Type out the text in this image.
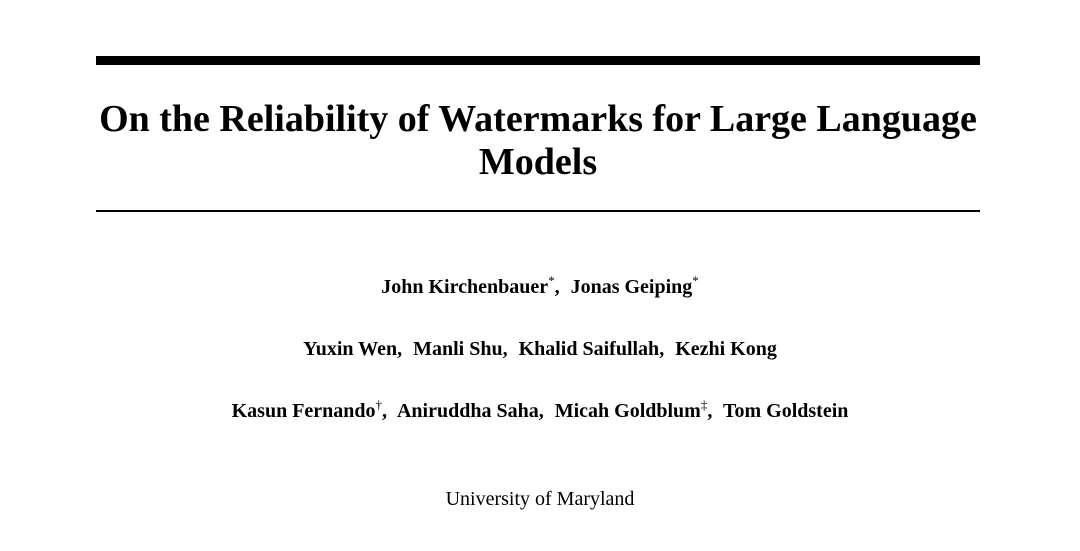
On the Reliability of Watermarks for Large Language
Models
John Kirchenbauer*, Jonas Geiping*
Yuxin Wen, Manli Shu, Khalid Saifullah, Kezhi Kong
Kasun Fernando†, Aniruddha Saha, Micah Goldblum‡, Tom Goldstein
University of Maryland
